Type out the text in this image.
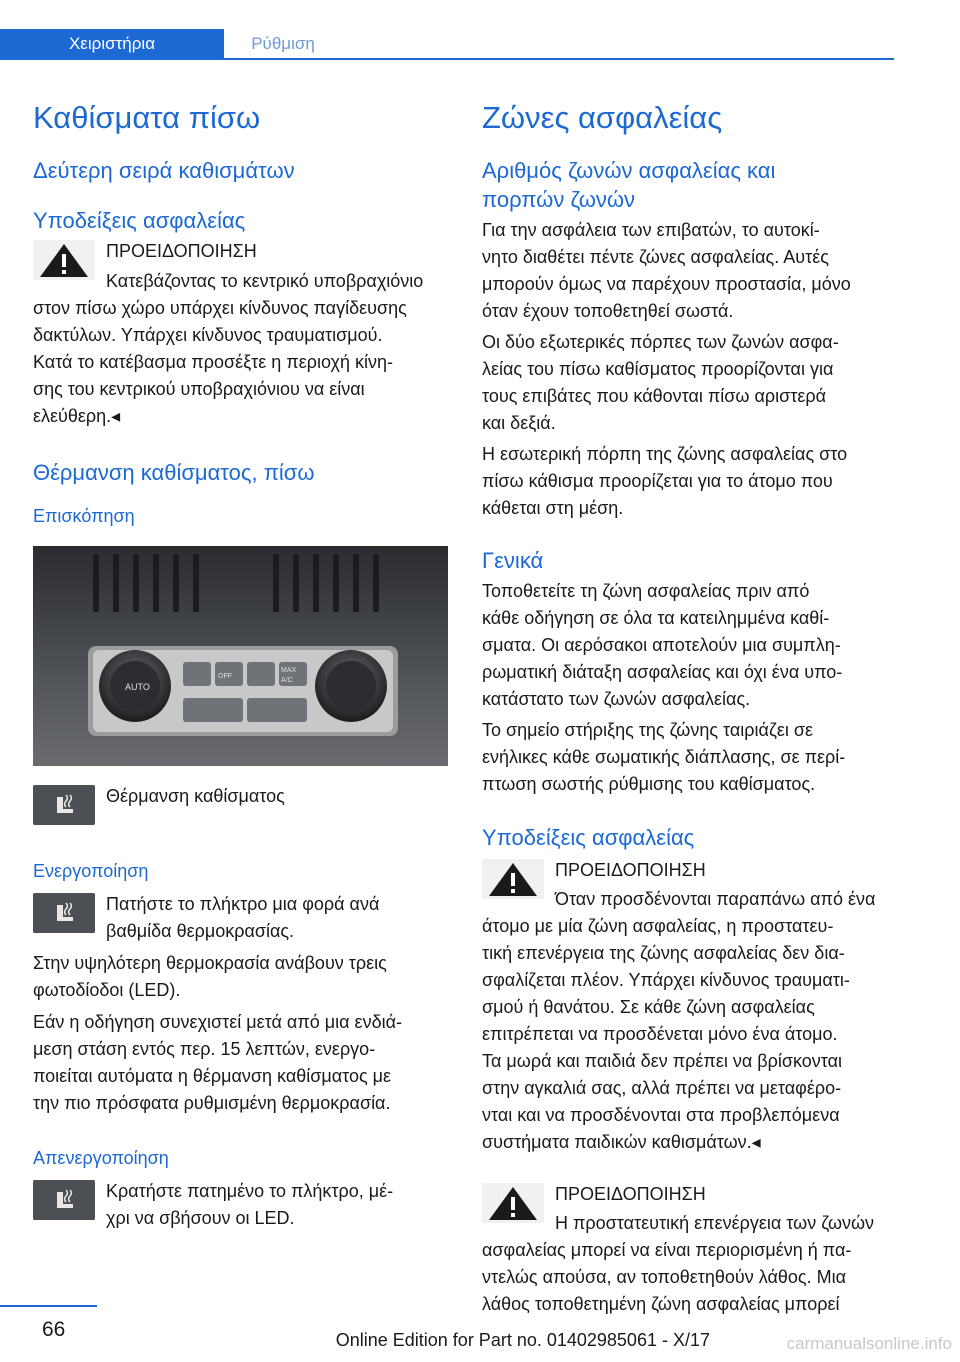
Χειριστήρια	Ρύθμιση
Καθίσματα πίσω
Δεύτερη σειρά καθισμάτων
Υποδείξεις ασφαλείας

ΠΡΟΕΙΔΟΠΟΙΗΣΗ

Κατεβάζοντας το κεντρικό υποβραχιόνιο

στον πίσω χώρο υπάρχει κίνδυνος παγίδευσης

δακτύλων. Υπάρχει κίνδυνος τραυματισμού.

Κατά το κατέβασμα προσέξτε η περιοχή κίνη-

σης του κεντρικού υποβραχιόνιου να είναι

ελεύθερη.◂

Θέρμανση καθίσματος, πίσω
Επισκόπηση
AUTO
OFF
MAX
A/C

Θέρμανση καθίσματος

Ενεργοποίηση

Πατήστε το πλήκτρο μια φορά ανά

βαθμίδα θερμοκρασίας.

Στην υψηλότερη θερμοκρασία ανάβουν τρεις

φωτοδίοδοι (LED).

Εάν η οδήγηση συνεχιστεί μετά από μια ενδιά-

μεση στάση εντός περ. 15 λεπτών, ενεργο-

ποιείται αυτόματα η θέρμανση καθίσματος με

την πιο πρόσφατα ρυθμισμένη θερμοκρασία.

Απενεργοποίηση

Κρατήστε πατημένο το πλήκτρο, μέ-

χρι να σβήσουν οι LED.

Ζώνες ασφαλείας
Αριθμός ζωνών ασφαλείας και
πορπών ζωνών

Για την ασφάλεια των επιβατών, το αυτοκί-

νητο διαθέτει πέντε ζώνες ασφαλείας. Αυτές

μπορούν όμως να παρέχουν προστασία, μόνο

όταν έχουν τοποθετηθεί σωστά.

Οι δύο εξωτερικές πόρπες των ζωνών ασφα-

λείας του πίσω καθίσματος προορίζονται για

τους επιβάτες που κάθονται πίσω αριστερά

και δεξιά.

Η εσωτερική πόρπη της ζώνης ασφαλείας στο

πίσω κάθισμα προορίζεται για το άτομο που

κάθεται στη μέση.

Γενικά

Τοποθετείτε τη ζώνη ασφαλείας πριν από

κάθε οδήγηση σε όλα τα κατειλημμένα καθί-

σματα. Οι αερόσακοι αποτελούν μια συμπλη-

ρωματική διάταξη ασφαλείας και όχι ένα υπο-

κατάστατο των ζωνών ασφαλείας.

Το σημείο στήριξης της ζώνης ταιριάζει σε

ενήλικες κάθε σωματικής διάπλασης, σε περί-

πτωση σωστής ρύθμισης του καθίσματος.

Υποδείξεις ασφαλείας

ΠΡΟΕΙΔΟΠΟΙΗΣΗ

Όταν προσδένονται παραπάνω από ένα

άτομο με μία ζώνη ασφαλείας, η προστατευ-

τική επενέργεια της ζώνης ασφαλείας δεν δια-

σφαλίζεται πλέον. Υπάρχει κίνδυνος τραυματι-

σμού ή θανάτου. Σε κάθε ζώνη ασφαλείας

επιτρέπεται να προσδένεται μόνο ένα άτομο.

Τα μωρά και παιδιά δεν πρέπει να βρίσκονται

στην αγκαλιά σας, αλλά πρέπει να μεταφέρο-

νται και να προσδένονται στα προβλεπόμενα

συστήματα παιδικών καθισμάτων.◂

ΠΡΟΕΙΔΟΠΟΙΗΣΗ

Η προστατευτική επενέργεια των ζωνών

ασφαλείας μπορεί να είναι περιορισμένη ή πα-

ντελώς απούσα, αν τοποθετηθούν λάθος. Μια

λάθος τοποθετημένη ζώνη ασφαλείας μπορεί

66	Online Edition for Part no. 01402985061 - X/17	carmanualsonline.info
